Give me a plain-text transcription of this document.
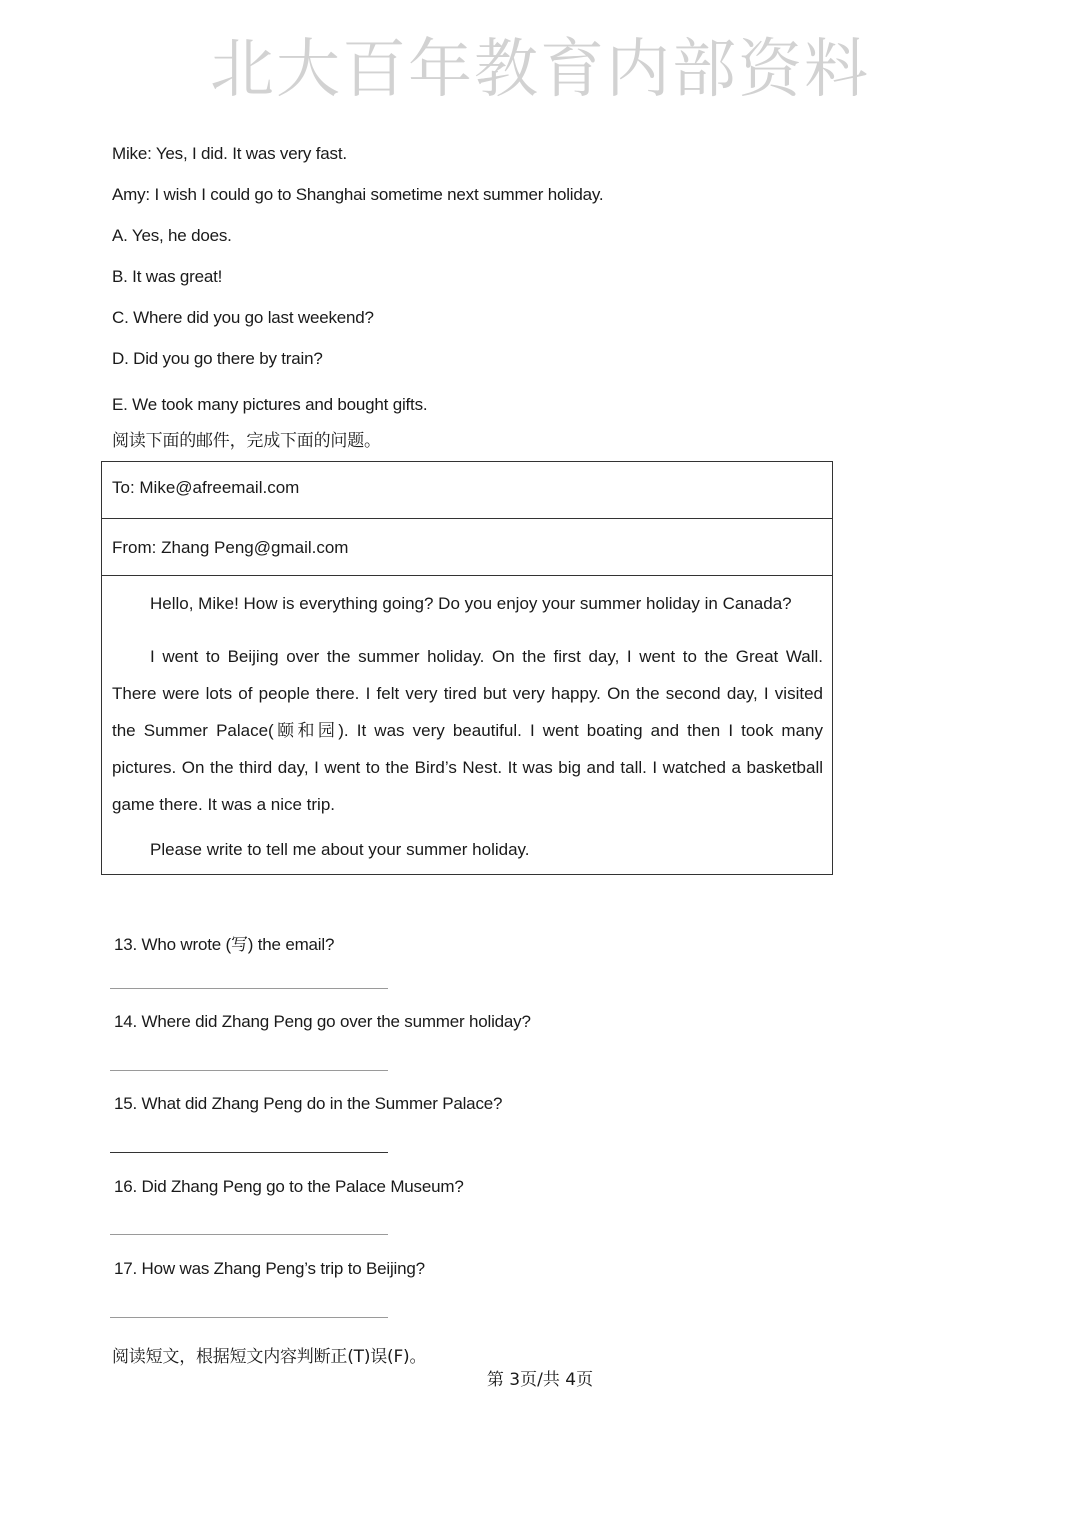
北大百年教育内部资料
Mike: Yes, I did. It was very fast.
Amy: I wish I could go to Shanghai sometime next summer holiday.
A. Yes, he does.
B. It was great!
C. Where did you go last weekend?
D. Did you go there by train?
E. We took many pictures and bought gifts.
阅读下面的邮件，完成下面的问题。
To: Mike@afreemail.com
From: Zhang Peng@gmail.com
Hello, Mike! How is everything going? Do you enjoy your summer holiday in Canada?
I went to Beijing over the summer holiday. On the first day, I went to the Great Wall. There were lots of people there. I felt very tired but very happy. On the second day, I visited the Summer Palace(颐和园). It was very beautiful. I went boating and then I took many pictures. On the third day, I went to the Bird’s Nest. It was big and tall. I watched a basketball game there. It was a nice trip.
Please write to tell me about your summer holiday.
13. Who wrote (写) the email?
14. Where did Zhang Peng go over the summer holiday?
15. What did Zhang Peng do in the Summer Palace?
16. Did Zhang Peng go to the Palace Museum?
17. How was Zhang Peng’s trip to Beijing?
阅读短文，根据短文内容判断正(T)误(F)。
第 3页/共 4页
